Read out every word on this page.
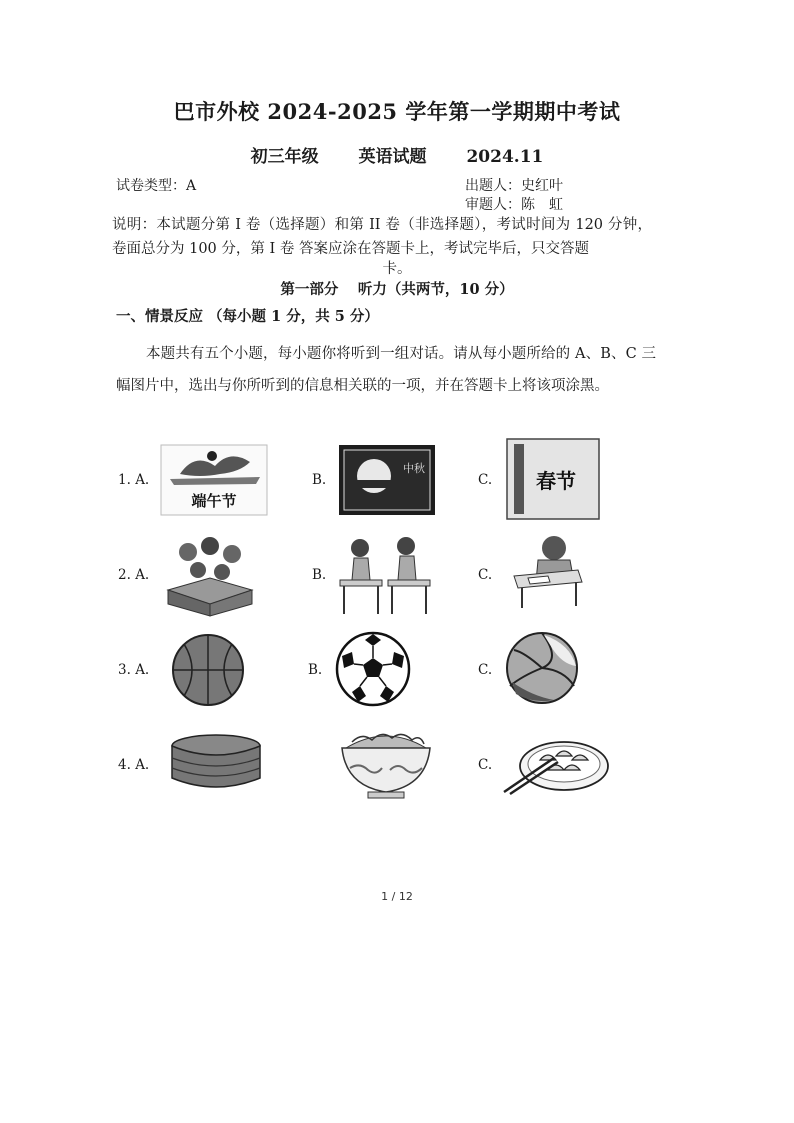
巴市外校 2024-2025 学年第一学期期中考试
初三年级 英语试题 2024.11
试卷类型：A	出题人：史红叶
审题人：陈　虹
说明：本试题分第 I 卷（选择题）和第 II 卷（非选择题），考试时间为 120 分钟，卷面总分为 100 分，第 I 卷 答案应涂在答题卡上，考试完毕后，只交答题
卡。
第一部分　 听力（共两节，10 分）
一、情景反应 （每小题 1 分，共 5 分）
本题共有五个小题，每小题你将听到一组对话。请从每小题所给的 A、B、C 三幅图片中，选出与你所听到的信息相关联的一项，并在答题卡上将该项涂黑。
1. A.	B.	C.
端午节
中秋
春节
2. A.	B.	C.
3. A.	B.	C.
4. A.	C.
1 / 12
